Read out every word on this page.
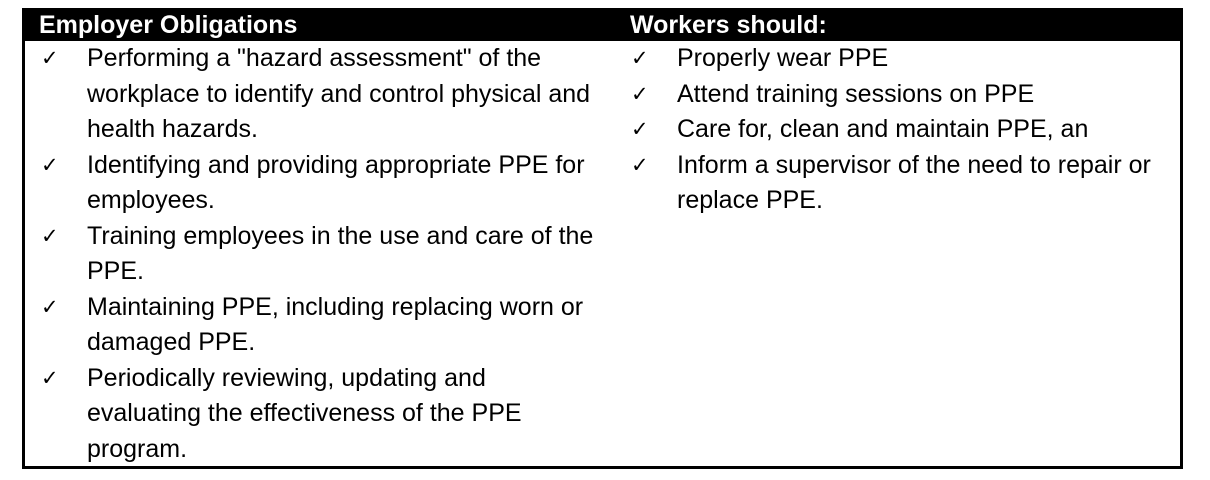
Employer Obligations	Workers should:
✓ Performing a "hazard assessment" of the workplace to identify and control physical and health hazards.
✓ Identifying and providing appropriate PPE for employees.
✓ Training employees in the use and care of the PPE.
✓ Maintaining PPE, including replacing worn or damaged PPE.
✓ Periodically reviewing, updating and evaluating the effectiveness of the PPE program.
✓ Properly wear PPE
✓ Attend training sessions on PPE
✓ Care for, clean and maintain PPE, an
✓ Inform a supervisor of the need to repair or replace PPE.
